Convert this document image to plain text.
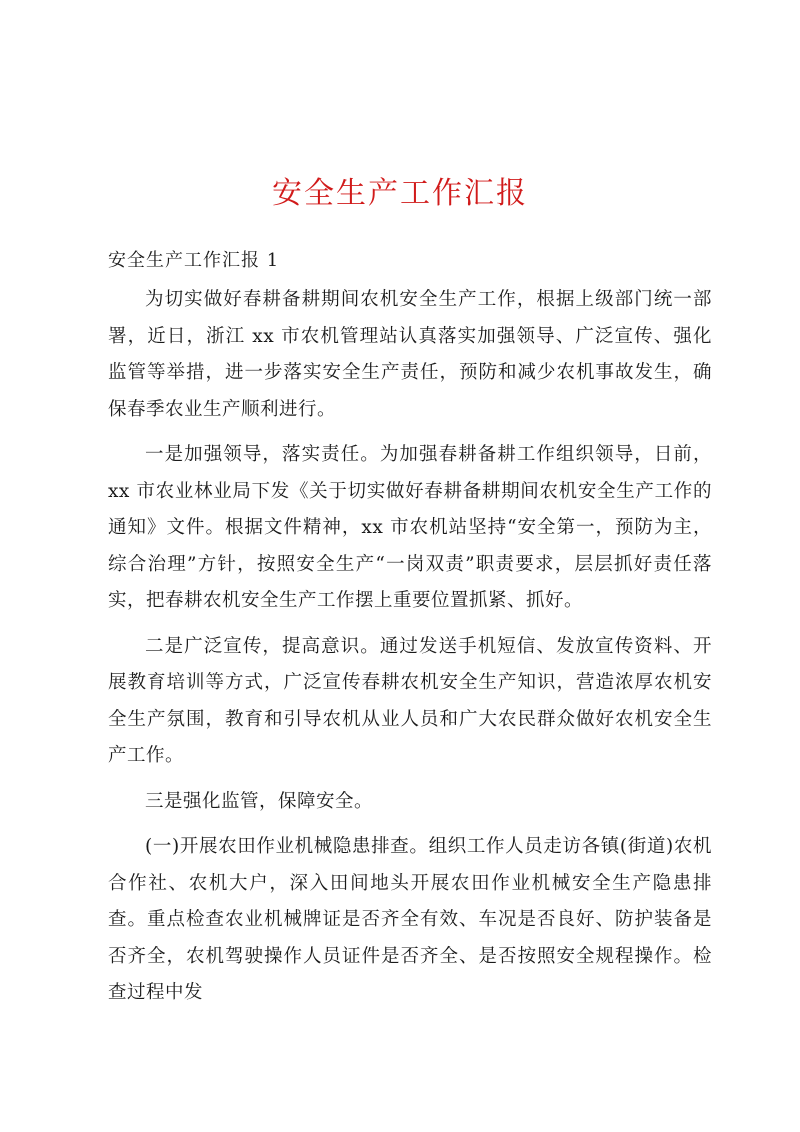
安全生产工作汇报

安全生产工作汇报 1

为切实做好春耕备耕期间农机安全生产工作，根据上级部门统一部署，近日，浙江 xx 市农机管理站认真落实加强领导、广泛宣传、强化监管等举措，进一步落实安全生产责任，预防和减少农机事故发生，确保春季农业生产顺利进行。

一是加强领导，落实责任。为加强春耕备耕工作组织领导，日前，xx 市农业林业局下发《关于切实做好春耕备耕期间农机安全生产工作的通知》文件。根据文件精神，xx 市农机站坚持“安全第一，预防为主，综合治理”方针，按照安全生产“一岗双责”职责要求，层层抓好责任落实，把春耕农机安全生产工作摆上重要位置抓紧、抓好。

二是广泛宣传，提高意识。通过发送手机短信、发放宣传资料、开展教育培训等方式，广泛宣传春耕农机安全生产知识，营造浓厚农机安全生产氛围，教育和引导农机从业人员和广大农民群众做好农机安全生产工作。

三是强化监管，保障安全。

(一)开展农田作业机械隐患排查。组织工作人员走访各镇(街道)农机合作社、农机大户，深入田间地头开展农田作业机械安全生产隐患排查。重点检查农业机械牌证是否齐全有效、车况是否良好、防护装备是否齐全，农机驾驶操作人员证件是否齐全、是否按照安全规程操作。检查过程中发
